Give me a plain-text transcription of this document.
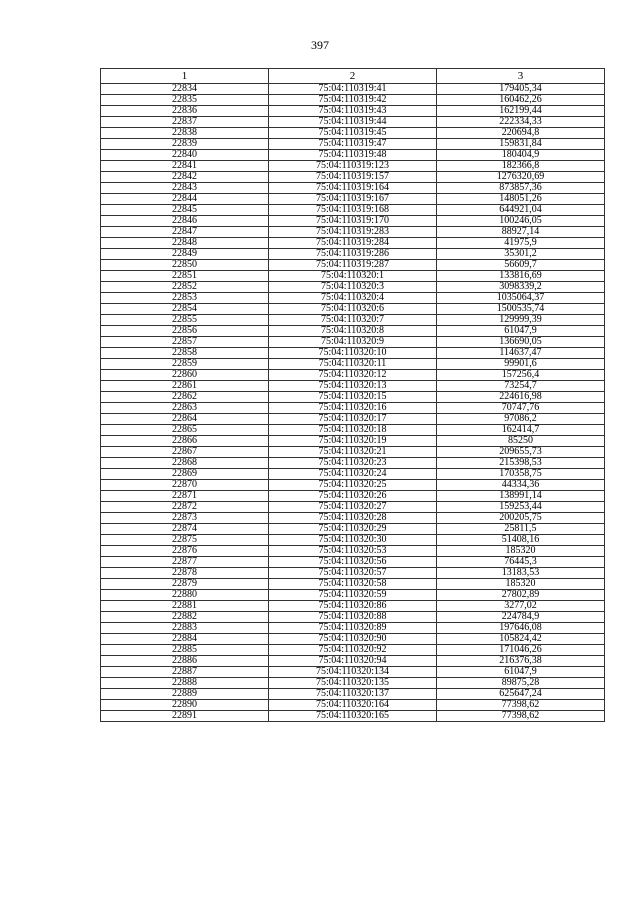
397
1	2	3
22834	75:04:110319:41	179405,34
22835	75:04:110319:42	160462,26
22836	75:04:110319:43	162199,44
22837	75:04:110319:44	222334,33
22838	75:04:110319:45	220694,8
22839	75:04:110319:47	159831,84
22840	75:04:110319:48	180404,9
22841	75:04:110319:123	182366,8
22842	75:04:110319:157	1276320,69
22843	75:04:110319:164	873857,36
22844	75:04:110319:167	148051,26
22845	75:04:110319:168	644921,04
22846	75:04:110319:170	100246,05
22847	75:04:110319:283	88927,14
22848	75:04:110319:284	41975,9
22849	75:04:110319:286	35301,2
22850	75:04:110319:287	56609,7
22851	75:04:110320:1	133816,69
22852	75:04:110320:3	3098339,2
22853	75:04:110320:4	1035064,37
22854	75:04:110320:6	1500535,74
22855	75:04:110320:7	129999,39
22856	75:04:110320:8	61047,9
22857	75:04:110320:9	136690,05
22858	75:04:110320:10	114637,47
22859	75:04:110320:11	99901,6
22860	75:04:110320:12	157256,4
22861	75:04:110320:13	73254,7
22862	75:04:110320:15	224616,98
22863	75:04:110320:16	70747,76
22864	75:04:110320:17	97086,2
22865	75:04:110320:18	162414,7
22866	75:04:110320:19	85250
22867	75:04:110320:21	209655,73
22868	75:04:110320:23	215398,53
22869	75:04:110320:24	170358,75
22870	75:04:110320:25	44334,36
22871	75:04:110320:26	138991,14
22872	75:04:110320:27	159253,44
22873	75:04:110320:28	200205,75
22874	75:04:110320:29	25811,5
22875	75:04:110320:30	51408,16
22876	75:04:110320:53	185320
22877	75:04:110320:56	76445,3
22878	75:04:110320:57	13183,53
22879	75:04:110320:58	185320
22880	75:04:110320:59	27802,89
22881	75:04:110320:86	3277,02
22882	75:04:110320:88	224784,9
22883	75:04:110320:89	197646,08
22884	75:04:110320:90	105824,42
22885	75:04:110320:92	171046,26
22886	75:04:110320:94	216376,38
22887	75:04:110320:134	61047,9
22888	75:04:110320:135	89875,28
22889	75:04:110320:137	625647,24
22890	75:04:110320:164	77398,62
22891	75:04:110320:165	77398,62
